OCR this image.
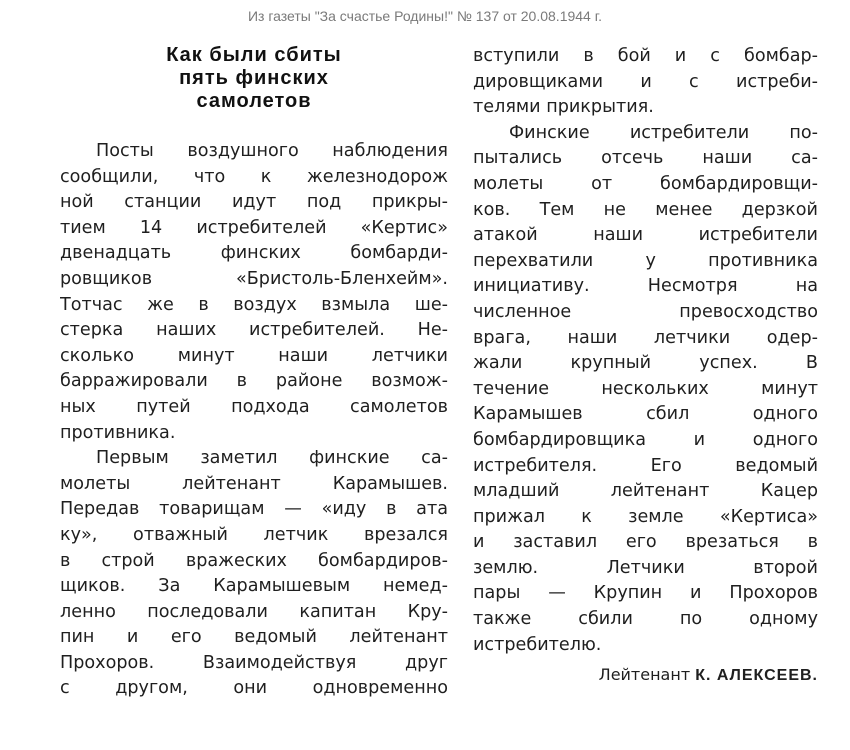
Из газеты "За счастье Родины!" № 137 от 20.08.1944 г.
Как были сбиты
пять финских
самолетов
Посты воздушного наблюдения
сообщили, что к железнодорож
ной станции идут под прикры-
тием 14 истребителей «Кертис»
двенадцать финских бомбарди-
ровщиков «Бристоль-Бленхейм».
Тотчас же в воздух взмыла ше-
стерка наших истребителей. Не-
сколько минут наши летчики
барражировали в районе возмож-
ных путей подхода самолетов
противника.
Первым заметил финские са-
молеты лейтенант Карамышев.
Передав товарищам — «иду в ата
ку», отважный летчик врезался
в строй вражеских бомбардиров-
щиков. За Карамышевым немед-
ленно последовали капитан Кру-
пин и его ведомый лейтенант
Прохоров. Взаимодействуя друг
с другом, они одновременно
вступили в бой и с бомбар-
дировщиками и с истреби-
телями прикрытия.
Финские истребители по-
пытались отсечь наши са-
молеты от бомбардировщи-
ков. Тем не менее дерзкой
атакой наши истребители
перехватили у противника
инициативу. Несмотря на
численное превосходство
врага, наши летчики одер-
жали крупный успех. В
течение нескольких минут
Карамышев сбил одного
бомбардировщика и одного
истребителя. Его ведомый
младший лейтенант Кацер
прижал к земле «Кертиса»
и заставил его врезаться в
землю. Летчики второй
пары — Крупин и Прохоров
также сбили по одному
истребителю.
Лейтенант К. АЛЕКСЕЕВ.
